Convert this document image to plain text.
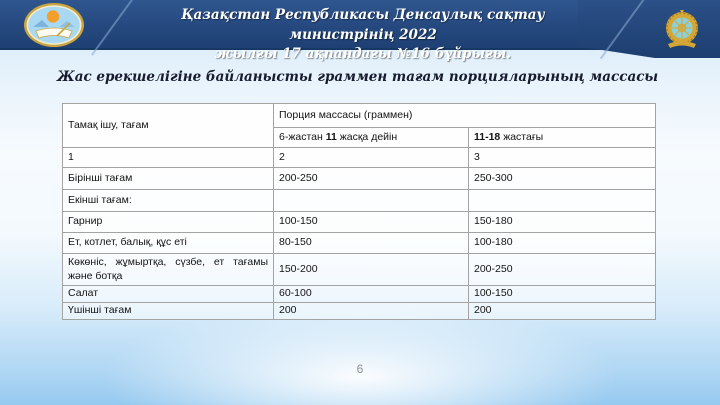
Қазақстан Республикасы Денсаулық сақтау министрінің 2022
жылғы 17 ақпандағы №16 бұйрығы.
Жас ерекшелігіне байланысты граммен тағам порцияларының массасы
Тамақ ішу, тағам	Порция массасы (граммен)	
	6-жастан 11 жасқа дейін	11-18 жастағы
1	2	3
Бірінші тағам	200-250	250-300
Екінші тағам:		
Гарнир	100-150	150-180
Ет, котлет, балық, құс еті	80-150	100-180
Көкөніс, жұмыртқа, сүзбе, ет тағамы және ботқа	150-200	200-250
Салат	60-100	100-150
Үшінші тағам	200	200
6
